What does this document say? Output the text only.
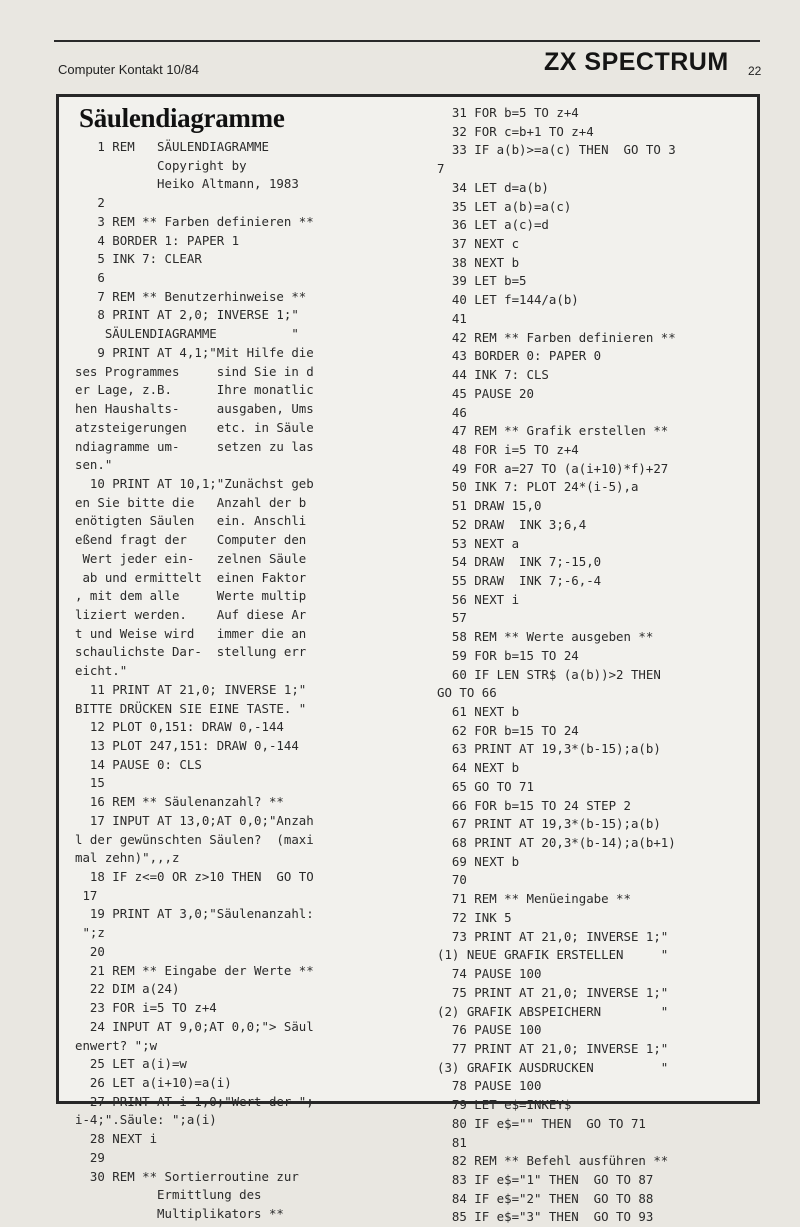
Computer Kontakt 10/84	ZX SPECTRUM 22
Säulendiagramme
1 REM   SÄULENDIAGRAMME
Copyright by
Heiko Altmann, 1983
2
3 REM ** Farben definieren **
4 BORDER 1: PAPER 1
5 INK 7: CLEAR
6
7 REM ** Benutzerhinweise **
8 PRINT AT 2,0; INVERSE 1;"
SÄULENDIAGRAMME          "
9 PRINT AT 4,1;"Mit Hilfe die
ses Programmes     sind Sie in d
er Lage, z.B.      Ihre monatlic
hen Haushalts-     ausgaben, Ums
atzsteigerungen    etc. in Säule
ndiagramme um-     setzen zu las
sen."
10 PRINT AT 10,1;"Zunächst geb
en Sie bitte die   Anzahl der b
enötigten Säulen   ein. Anschli
eßend fragt der    Computer den
Wert jeder ein-   zelnen Säule
ab und ermittelt  einen Faktor
, mit dem alle     Werte multip
liziert werden.    Auf diese Ar
t und Weise wird   immer die an
schaulichste Dar-  stellung err
eicht."
11 PRINT AT 21,0; INVERSE 1;"
BITTE DRÜCKEN SIE EINE TASTE. "
12 PLOT 0,151: DRAW 0,-144
13 PLOT 247,151: DRAW 0,-144
14 PAUSE 0: CLS
15
16 REM ** Säulenanzahl? **
17 INPUT AT 13,0;AT 0,0;"Anzah
l der gewünschten Säulen?  (maxi
mal zehn)",,,z
18 IF z<=0 OR z>10 THEN  GO TO
17
19 PRINT AT 3,0;"Säulenanzahl:
";z
20
21 REM ** Eingabe der Werte **
22 DIM a(24)
23 FOR i=5 TO z+4
24 INPUT AT 9,0;AT 0,0;"> Säul
enwert? ";w
25 LET a(i)=w
26 LET a(i+10)=a(i)
27 PRINT AT i-1,0;"Wert der ";
i-4;".Säule: ";a(i)
28 NEXT i
29
30 REM ** Sortierroutine zur
Ermittlung des
Multiplikators **
31 FOR b=5 TO z+4
32 FOR c=b+1 TO z+4
33 IF a(b)>=a(c) THEN  GO TO 3
7
34 LET d=a(b)
35 LET a(b)=a(c)
36 LET a(c)=d
37 NEXT c
38 NEXT b
39 LET b=5
40 LET f=144/a(b)
41
42 REM ** Farben definieren **
43 BORDER 0: PAPER 0
44 INK 7: CLS
45 PAUSE 20
46
47 REM ** Grafik erstellen **
48 FOR i=5 TO z+4
49 FOR a=27 TO (a(i+10)*f)+27
50 INK 7: PLOT 24*(i-5),a
51 DRAW 15,0
52 DRAW  INK 3;6,4
53 NEXT a
54 DRAW  INK 7;-15,0
55 DRAW  INK 7;-6,-4
56 NEXT i
57
58 REM ** Werte ausgeben **
59 FOR b=15 TO 24
60 IF LEN STR$ (a(b))>2 THEN
GO TO 66
61 NEXT b
62 FOR b=15 TO 24
63 PRINT AT 19,3*(b-15);a(b)
64 NEXT b
65 GO TO 71
66 FOR b=15 TO 24 STEP 2
67 PRINT AT 19,3*(b-15);a(b)
68 PRINT AT 20,3*(b-14);a(b+1)
69 NEXT b
70
71 REM ** Menüeingabe **
72 INK 5
73 PRINT AT 21,0; INVERSE 1;"
(1) NEUE GRAFIK ERSTELLEN     "
74 PAUSE 100
75 PRINT AT 21,0; INVERSE 1;"
(2) GRAFIK ABSPEICHERN        "
76 PAUSE 100
77 PRINT AT 21,0; INVERSE 1;"
(3) GRAFIK AUSDRUCKEN         "
78 PAUSE 100
79 LET e$=INKEY$
80 IF e$="" THEN  GO TO 71
81
82 REM ** Befehl ausführen **
83 IF e$="1" THEN  GO TO 87
84 IF e$="2" THEN  GO TO 88
85 IF e$="3" THEN  GO TO 93
